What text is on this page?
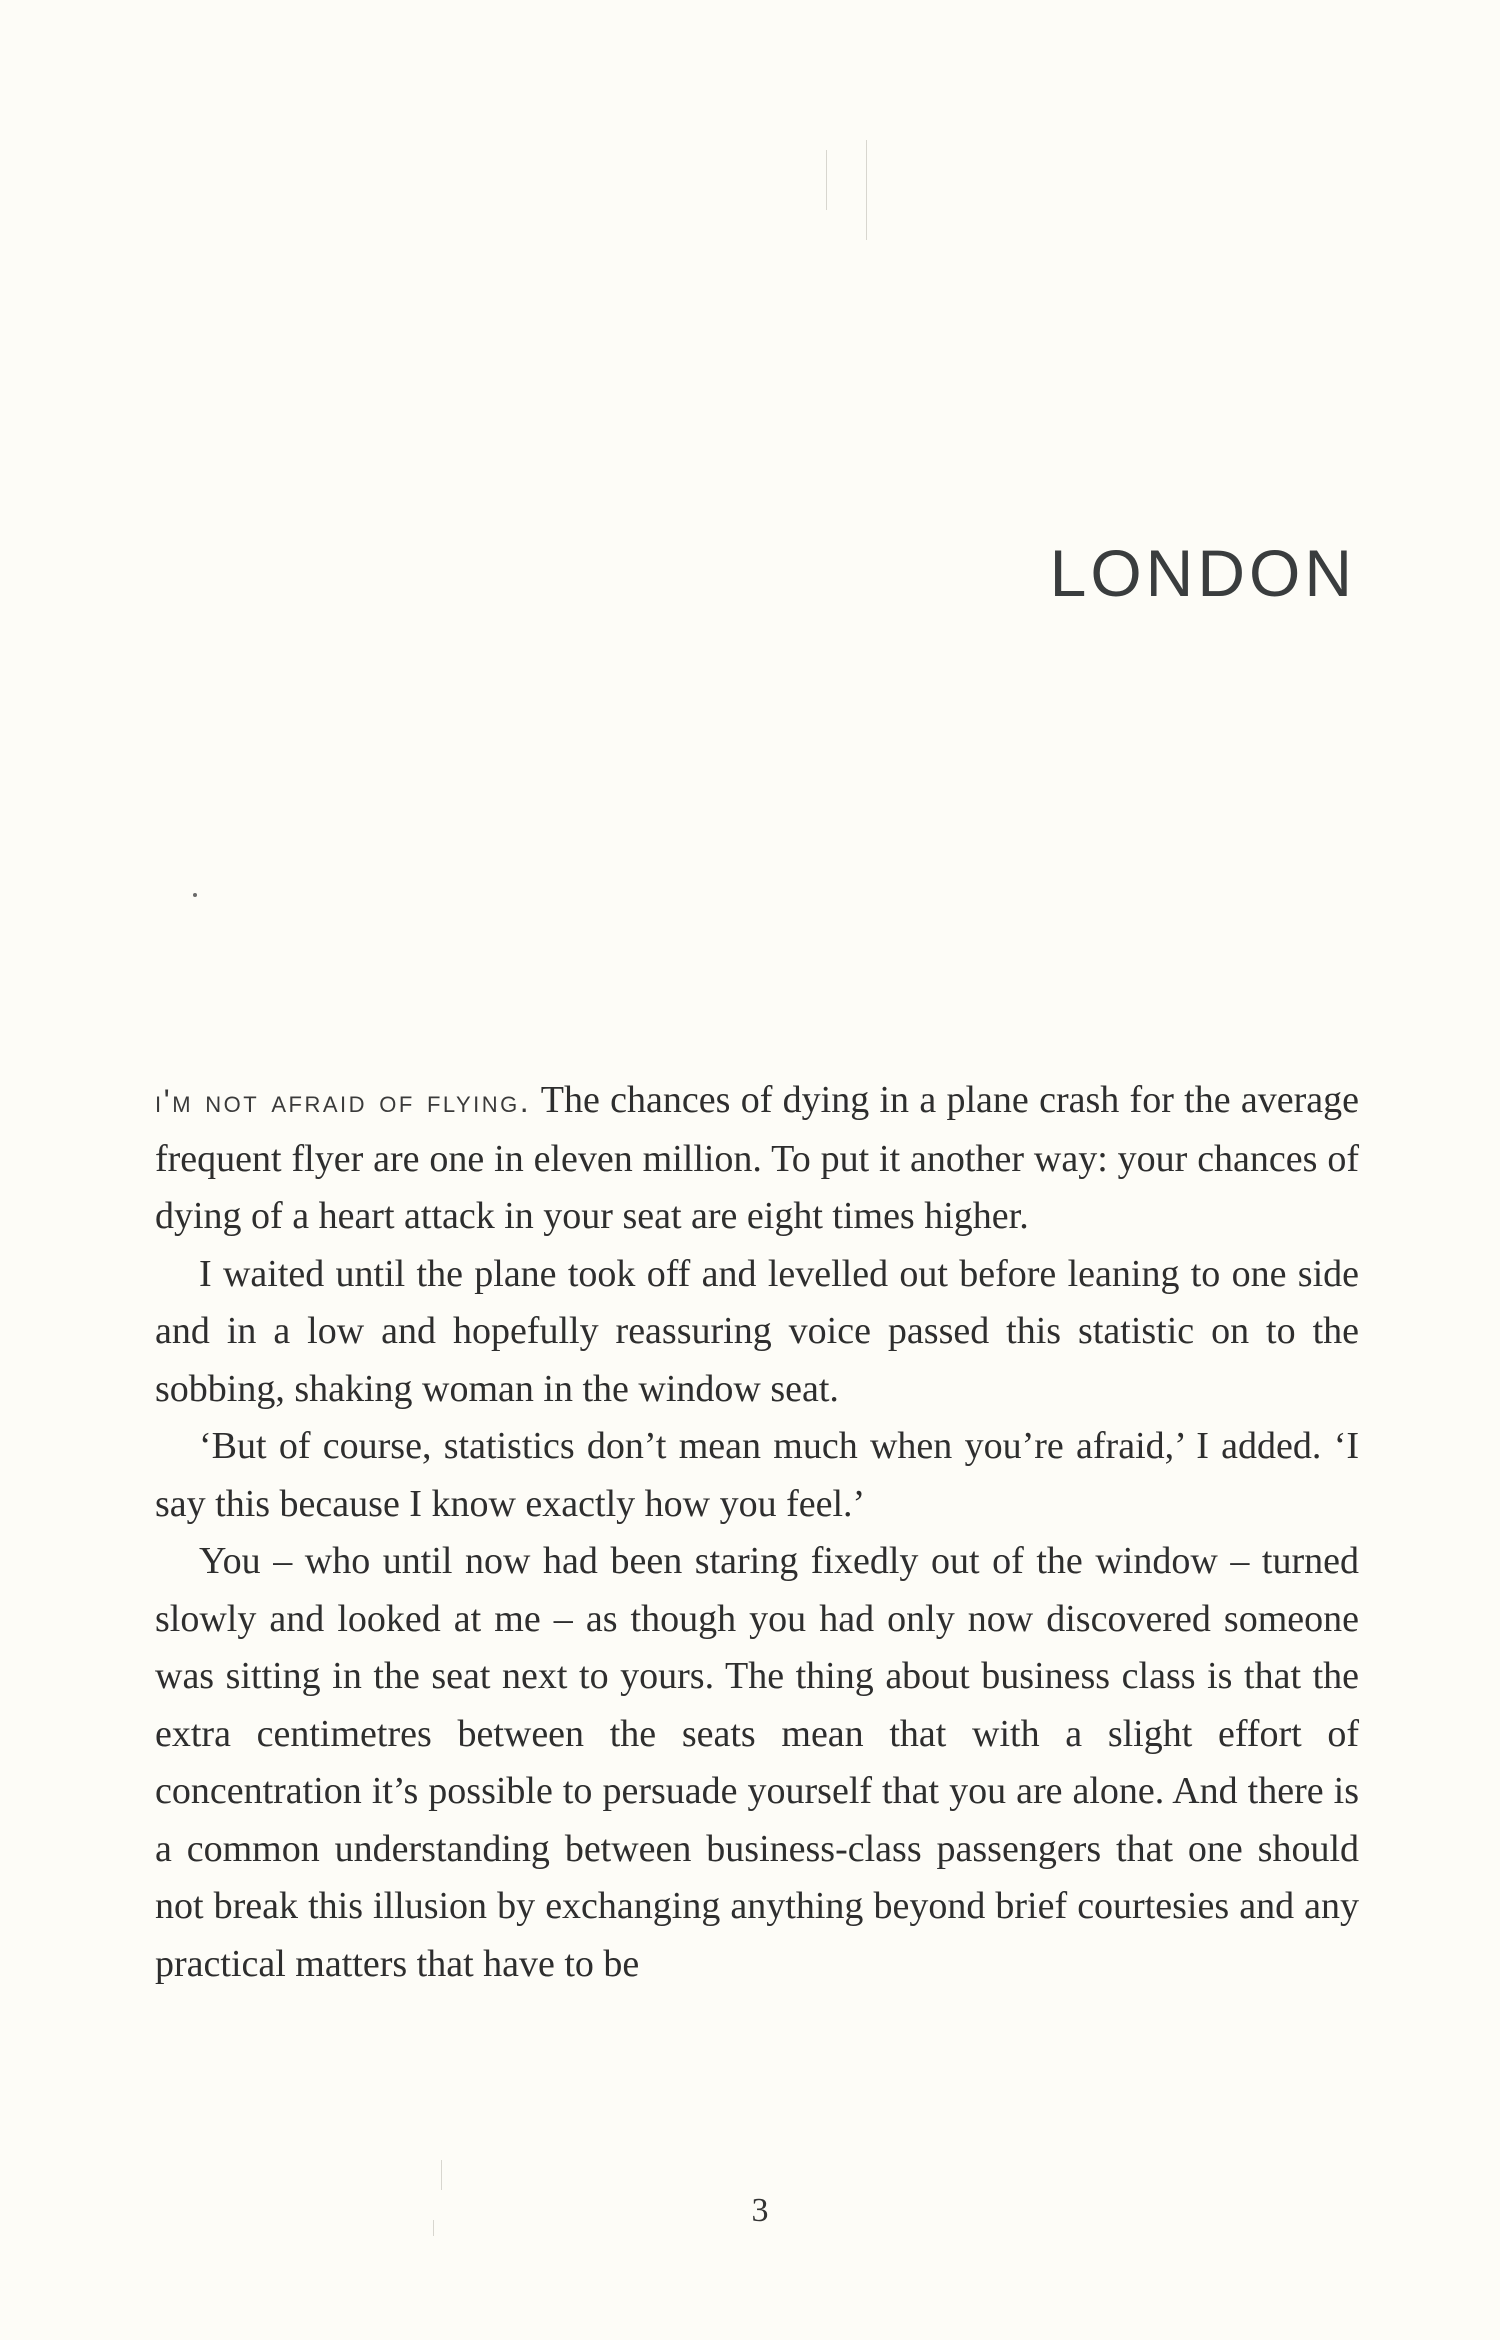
LONDON

i'm not afraid of flying. The chances of dying in a plane crash for the average frequent flyer are one in eleven million. To put it another way: your chances of dying of a heart attack in your seat are eight times higher.

I waited until the plane took off and levelled out before leaning to one side and in a low and hopefully reassuring voice passed this statistic on to the sobbing, shaking woman in the window seat.

‘But of course, statistics don’t mean much when you’re afraid,’ I added. ‘I say this because I know exactly how you feel.’

You – who until now had been staring fixedly out of the window – turned slowly and looked at me – as though you had only now discovered someone was sitting in the seat next to yours. The thing about business class is that the extra centimetres between the seats mean that with a slight effort of concentration it’s possible to persuade yourself that you are alone. And there is a common understanding between business-class passengers that one should not break this illusion by exchanging anything beyond brief courtesies and any practical matters that have to be

3
